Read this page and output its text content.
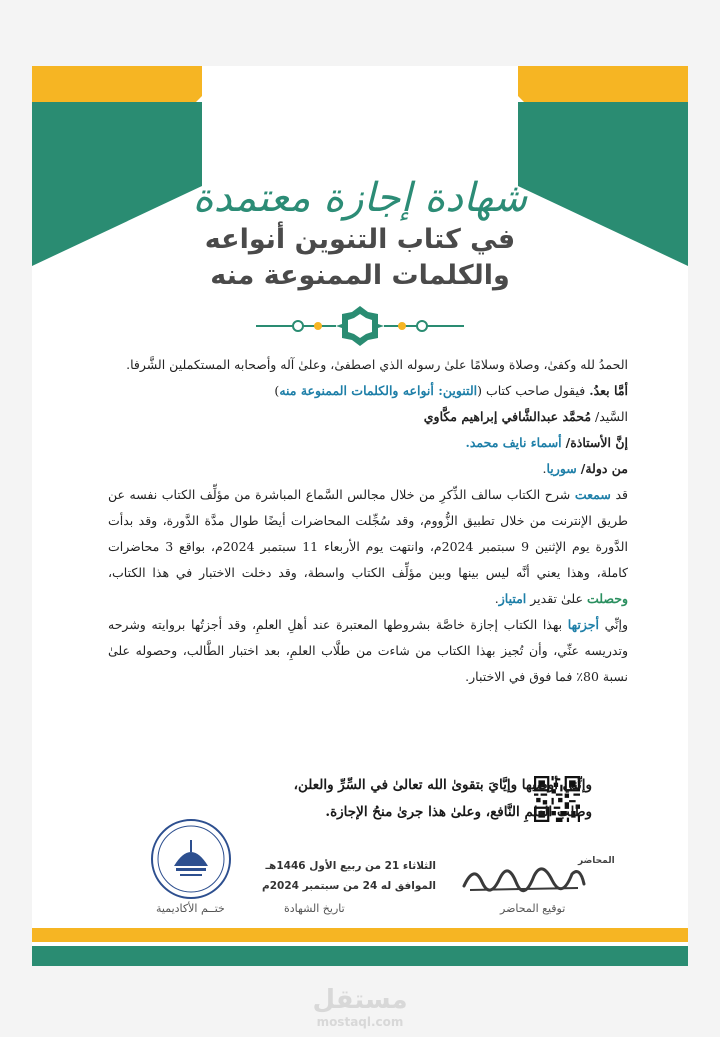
شهادة إجازة معتمدة
في كتاب التنوين أنواعه
والكلمات الممنوعة منه

الحمدُ لله وكفىٰ، وصلاة وسلامًا علىٰ رسوله الذي اصطفىٰ، وعلىٰ آله وأصحابه المستكملين الشَّرفا.

أمَّا بعدُ. فيقول صاحب كتاب (التنوين: أنواعه والكلمات الممنوعة منه)

السَّيد/ مُحمَّد عبدالشَّافي إبراهيم مكَّاوي

إنَّ الأستاذة/ أسماء نايف محمد.

من دولة/ سوريا.

قد سمعت شرح الكتاب سالف الذِّكرِ من خلال مجالس السَّماع المباشرة من مؤلِّف الكتاب نفسه عن طريق الإنترنت من خلال تطبيق الزُّووم، وقد سُجِّلت المحاضرات أيضًا طوال مدَّة الدَّورة، وقد بدأت الدَّورة يوم الإثنين 9 سبتمبر 2024م، وانتهت يوم الأربعاء 11 سبتمبر 2024م، بواقع 3 محاضرات كاملة، وهذا يعني أنَّه ليس بينها وبين مؤلِّف الكتاب واسطة، وقد دخلت الاختبار في هذا الكتاب، وحصلت علىٰ تقدير امتياز.

وإنِّي أجزتها بهذا الكتاب إجازة خاصَّة بشروطها المعتبرة عند أهلِ العلمِ، وقد أجزتُها بروايته وشرحه وتدريسه عنِّي، وأن تُجيز بهذا الكتاب من شاءت من طلَّاب العلمِ، بعد اختبار الطَّالب، وحصوله علىٰ نسبة 80٪ فما فوق في الاختبار.

وإنِّني أوصيها وإيَّايَ بتقوىٰ الله تعالىٰ في السِّرِّ والعلن،
وطلب العلمِ النَّافع، وعلىٰ هذا جرىٰ منحُ الإجازة.
ختــم الأكاديمية
الثلاثاء 21 من ربيع الأول 1446هـ
الموافق له 24 من سبتمبر 2024م
تاريخ الشهادة
المحاضر
توقيع المحاضر
مستقل
mostaql.com
